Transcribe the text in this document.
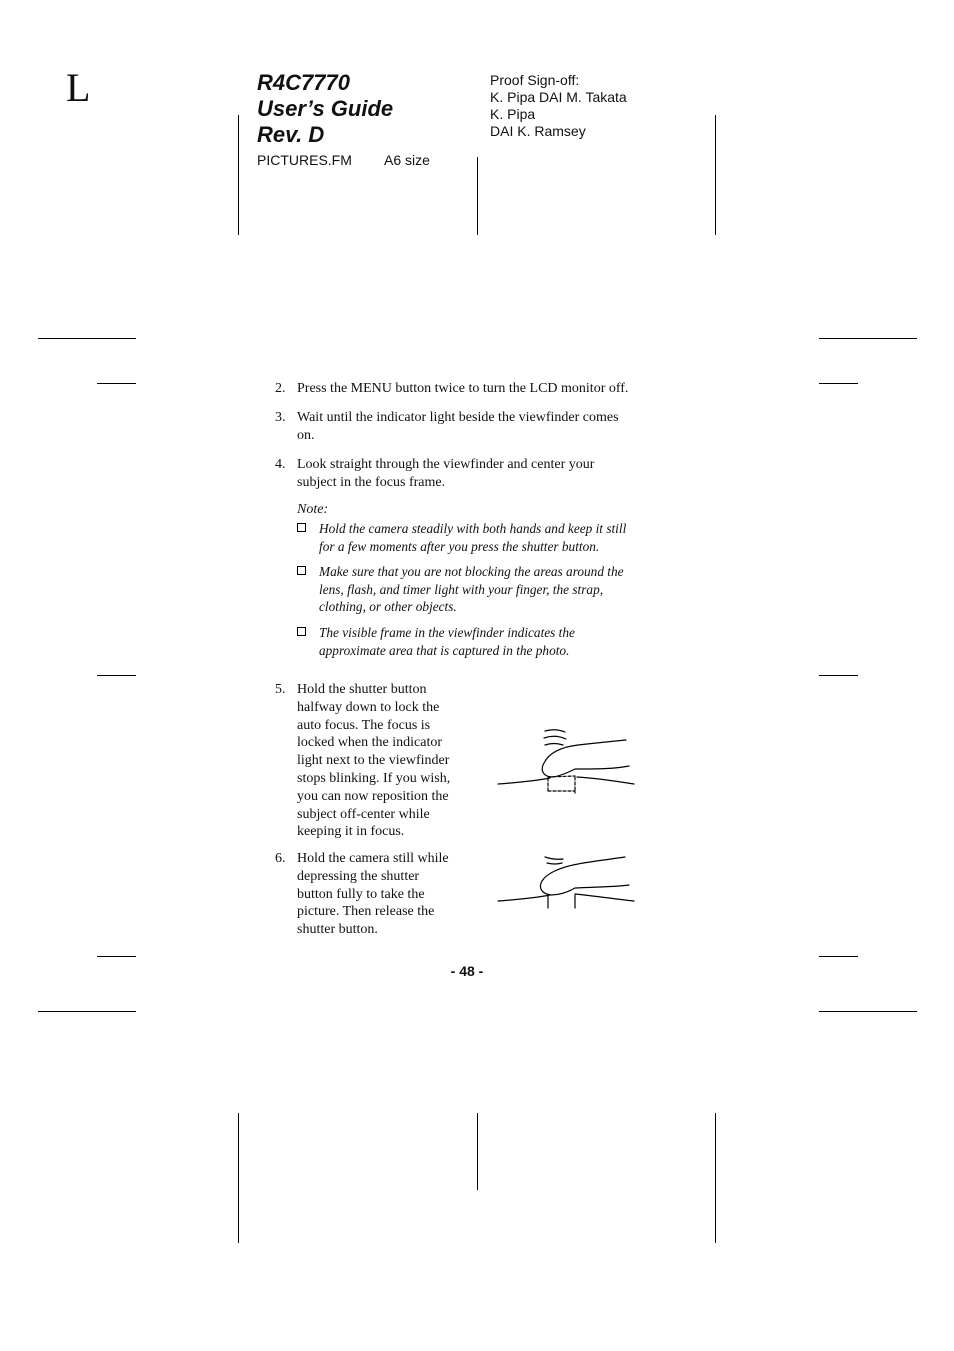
L	R4C7770
User’s Guide
Rev. D
PICTURES.FM A6 size
Proof Sign-off:
K. Pipa DAI M. Takata
K. Pipa
DAI K. Ramsey
2. Press the MENU button twice to turn the LCD monitor off.
3. Wait until the indicator light beside the viewfinder comes
on.
4. Look straight through the viewfinder and center your
subject in the focus frame.
Note:
Hold the camera steadily with both hands and keep it still
for a few moments after you press the shutter button.
Make sure that you are not blocking the areas around the
lens, flash, and timer light with your finger, the strap,
clothing, or other objects.
The visible frame in the viewfinder indicates the
approximate area that is captured in the photo.
5. Hold the shutter button
halfway down to lock the
auto focus. The focus is
locked when the indicator
light next to the viewfinder
stops blinking. If you wish,
you can now reposition the
subject off-center while
keeping it in focus.
6. Hold the camera still while
depressing the shutter
button fully to take the
picture. Then release the
shutter button.
- 48 -
